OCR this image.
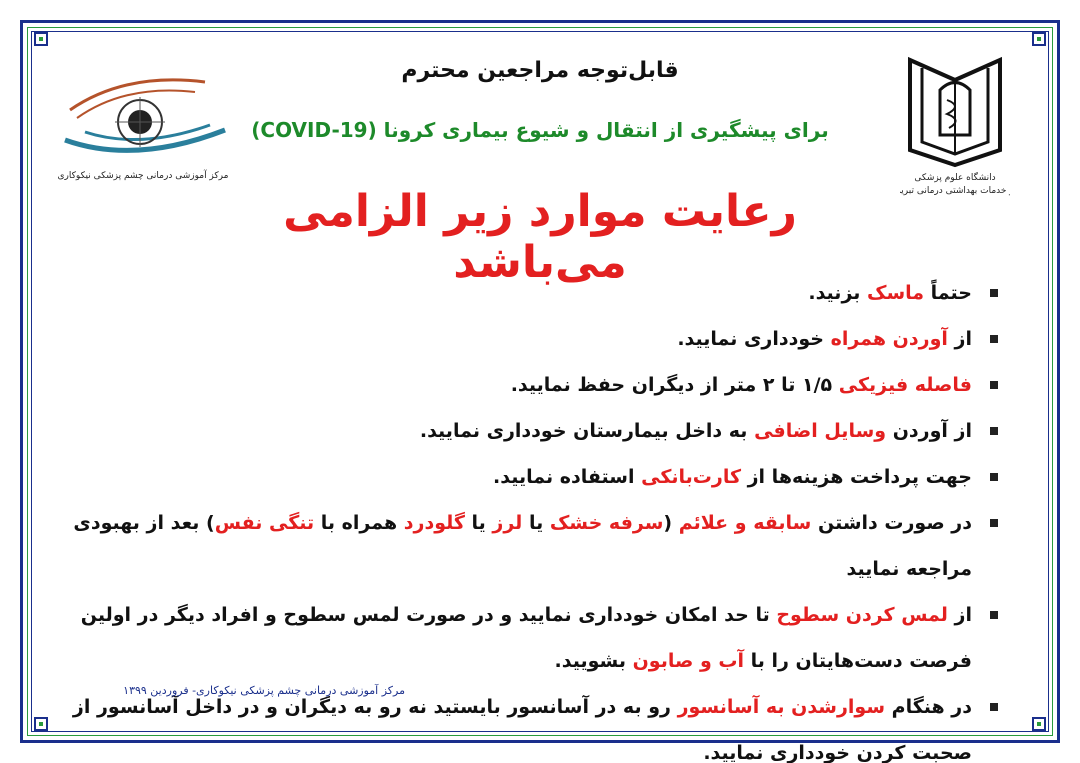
دانشگاه علوم پزشکی
و خدمات بهداشتی درمانی تبریز
مرکز آموزشی درمانی چشم پزشکی نیکوکاری
قابل‌توجه مراجعین محترم
برای پیشگیری از انتقال و شیوع بیماری کرونا (COVID-19)
رعایت موارد زیر الزامی می‌باشد
حتماً ماسک بزنید.
از آوردن همراه خودداری نمایید.
فاصله فیزیکی ۱/۵ تا ۲ متر از دیگران حفظ نمایید.
از آوردن وسایل اضافی به داخل بیمارستان خودداری نمایید.
جهت پرداخت هزینه‌ها از کارت‌بانکی استفاده نمایید.
در صورت داشتن سابقه و علائم (سرفه خشک یا لرز یا گلودرد همراه با تنگی نفس) بعد از بهبودی مراجعه نمایید
از لمس کردن سطوح تا حد امکان خودداری نمایید و در صورت لمس سطوح و افراد دیگر در اولین فرصت دست‌هایتان را با آب و صابون بشویید.
در هنگام سوارشدن به آسانسور رو به در آسانسور بایستید نه رو به دیگران و در داخل آسانسور از صحبت کردن خودداری نمایید.
مرکز آموزشی درمانی چشم پزشکی نیکوکاری- فروردین ۱۳۹۹
